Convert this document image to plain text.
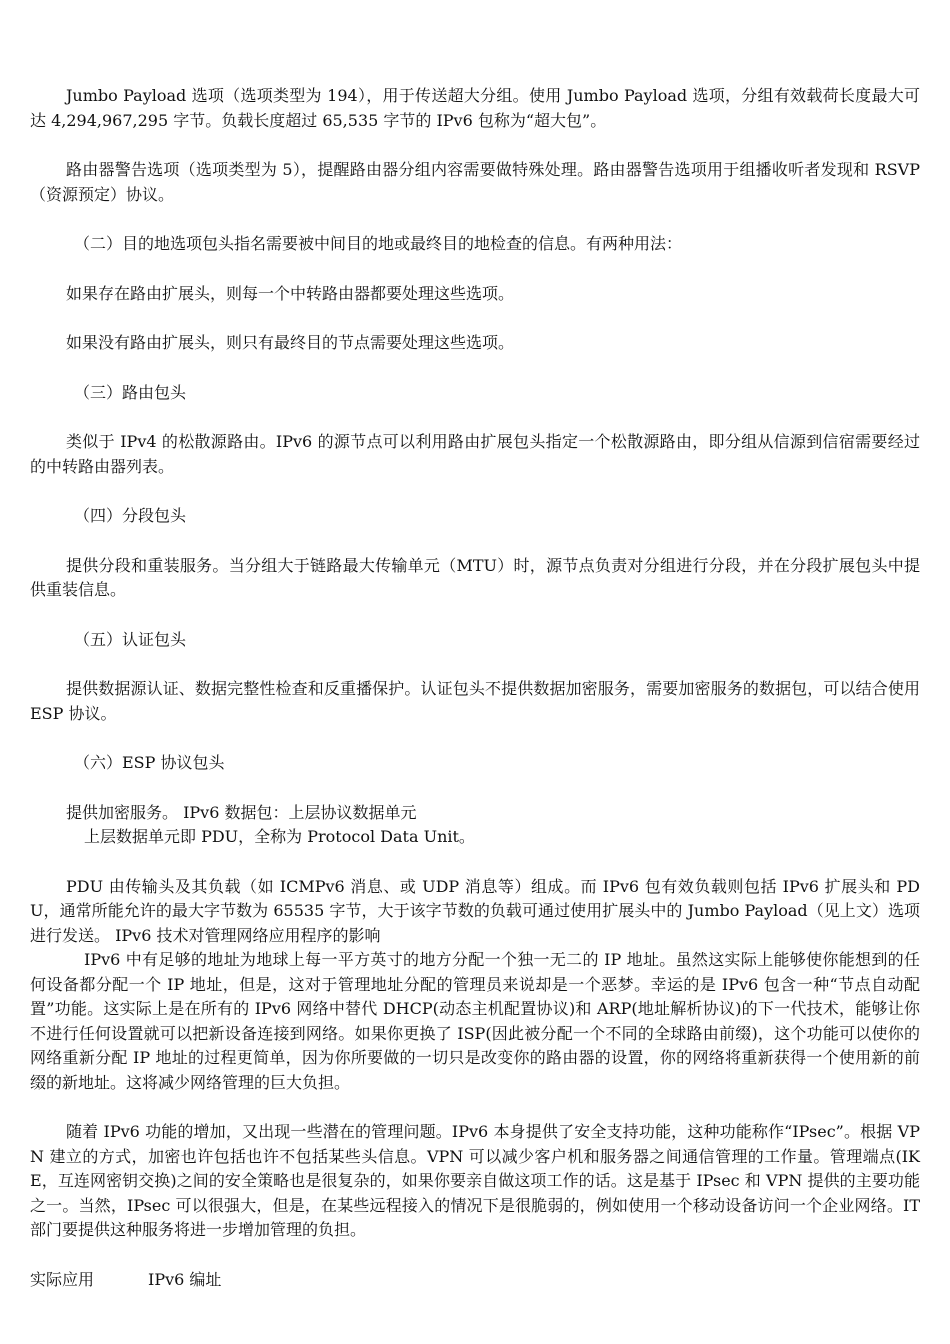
Jumbo Payload 选项（选项类型为 194），用于传送超大分组。使用 Jumbo Payload 选项，分组有效载荷长度最大可达 4,294,967,295 字节。负载长度超过 65,535 字节的 IPv6 包称为“超大包”。

路由器警告选项（选项类型为 5），提醒路由器分组内容需要做特殊处理。路由器警告选项用于组播收听者发现和 RSVP（资源预定）协议。

（二）目的地选项包头指名需要被中间目的地或最终目的地检查的信息。有两种用法：

如果存在路由扩展头，则每一个中转路由器都要处理这些选项。

如果没有路由扩展头，则只有最终目的节点需要处理这些选项。

（三）路由包头

类似于 IPv4 的松散源路由。IPv6 的源节点可以利用路由扩展包头指定一个松散源路由，即分组从信源到信宿需要经过的中转路由器列表。

（四）分段包头

提供分段和重装服务。当分组大于链路最大传输单元（MTU）时，源节点负责对分组进行分段，并在分段扩展包头中提供重装信息。

（五）认证包头

提供数据源认证、数据完整性检查和反重播保护。认证包头不提供数据加密服务，需要加密服务的数据包，可以结合使用 ESP 协议。

（六）ESP 协议包头

提供加密服务。 IPv6 数据包：上层协议数据单元

上层数据单元即 PDU，全称为 Protocol Data Unit。

PDU 由传输头及其负载（如 ICMPv6 消息、或 UDP 消息等）组成。而 IPv6 包有效负载则包括 IPv6 扩展头和 PDU，通常所能允许的最大字节数为 65535 字节，大于该字节数的负载可通过使用扩展头中的 Jumbo Payload（见上文）选项进行发送。 IPv6 技术对管理网络应用程序的影响

IPv6 中有足够的地址为地球上每一平方英寸的地方分配一个独一无二的 IP 地址。虽然这实际上能够使你能想到的任何设备都分配一个 IP 地址，但是，这对于管理地址分配的管理员来说却是一个恶梦。幸运的是 IPv6 包含一种“节点自动配置”功能。这实际上是在所有的 IPv6 网络中替代 DHCP(动态主机配置协议)和 ARP(地址解析协议)的下一代技术，能够让你不进行任何设置就可以把新设备连接到网络。如果你更换了 ISP(因此被分配一个不同的全球路由前缀)，这个功能可以使你的网络重新分配 IP 地址的过程更简单，因为你所要做的一切只是改变你的路由器的设置，你的网络将重新获得一个使用新的前缀的新地址。这将减少网络管理的巨大负担。

随着 IPv6 功能的增加，又出现一些潜在的管理问题。IPv6 本身提供了安全支持功能，这种功能称作“IPsec”。根据 VPN 建立的方式，加密也许包括也许不包括某些头信息。VPN 可以减少客户机和服务器之间通信管理的工作量。管理端点(IKE，互连网密钥交换)之间的安全策略也是很复杂的，如果你要亲自做这项工作的话。这是基于 IPsec 和 VPN 提供的主要功能之一。当然，IPsec 可以很强大，但是，在某些远程接入的情况下是很脆弱的，例如使用一个移动设备访问一个企业网络。IT 部门要提供这种服务将进一步增加管理的负担。

实际应用	IPv6 编址
